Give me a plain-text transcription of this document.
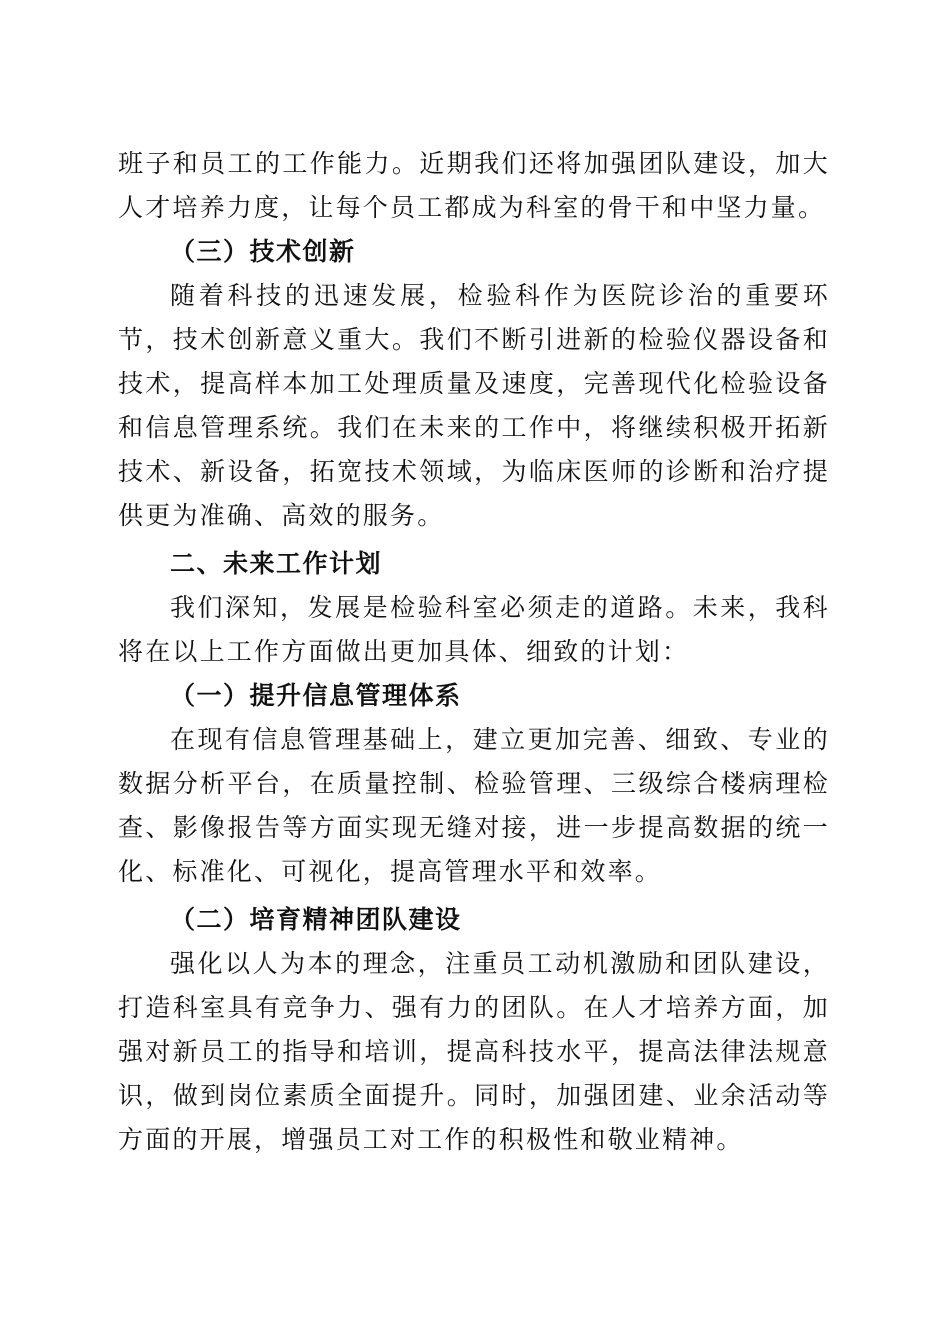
班子和员工的工作能力。近期我们还将加强团队建设，加大人才培养力度，让每个员工都成为科室的骨干和中坚力量。

（三）技术创新

随着科技的迅速发展，检验科作为医院诊治的重要环节，技术创新意义重大。我们不断引进新的检验仪器设备和技术，提高样本加工处理质量及速度，完善现代化检验设备和信息管理系统。我们在未来的工作中，将继续积极开拓新技术、新设备，拓宽技术领域，为临床医师的诊断和治疗提供更为准确、高效的服务。

二、未来工作计划

我们深知，发展是检验科室必须走的道路。未来，我科将在以上工作方面做出更加具体、细致的计划：

（一）提升信息管理体系

在现有信息管理基础上，建立更加完善、细致、专业的数据分析平台，在质量控制、检验管理、三级综合楼病理检查、影像报告等方面实现无缝对接，进一步提高数据的统一化、标准化、可视化，提高管理水平和效率。

（二）培育精神团队建设

强化以人为本的理念，注重员工动机激励和团队建设，打造科室具有竞争力、强有力的团队。在人才培养方面，加强对新员工的指导和培训，提高科技水平，提高法律法规意识，做到岗位素质全面提升。同时，加强团建、业余活动等方面的开展，增强员工对工作的积极性和敬业精神。
